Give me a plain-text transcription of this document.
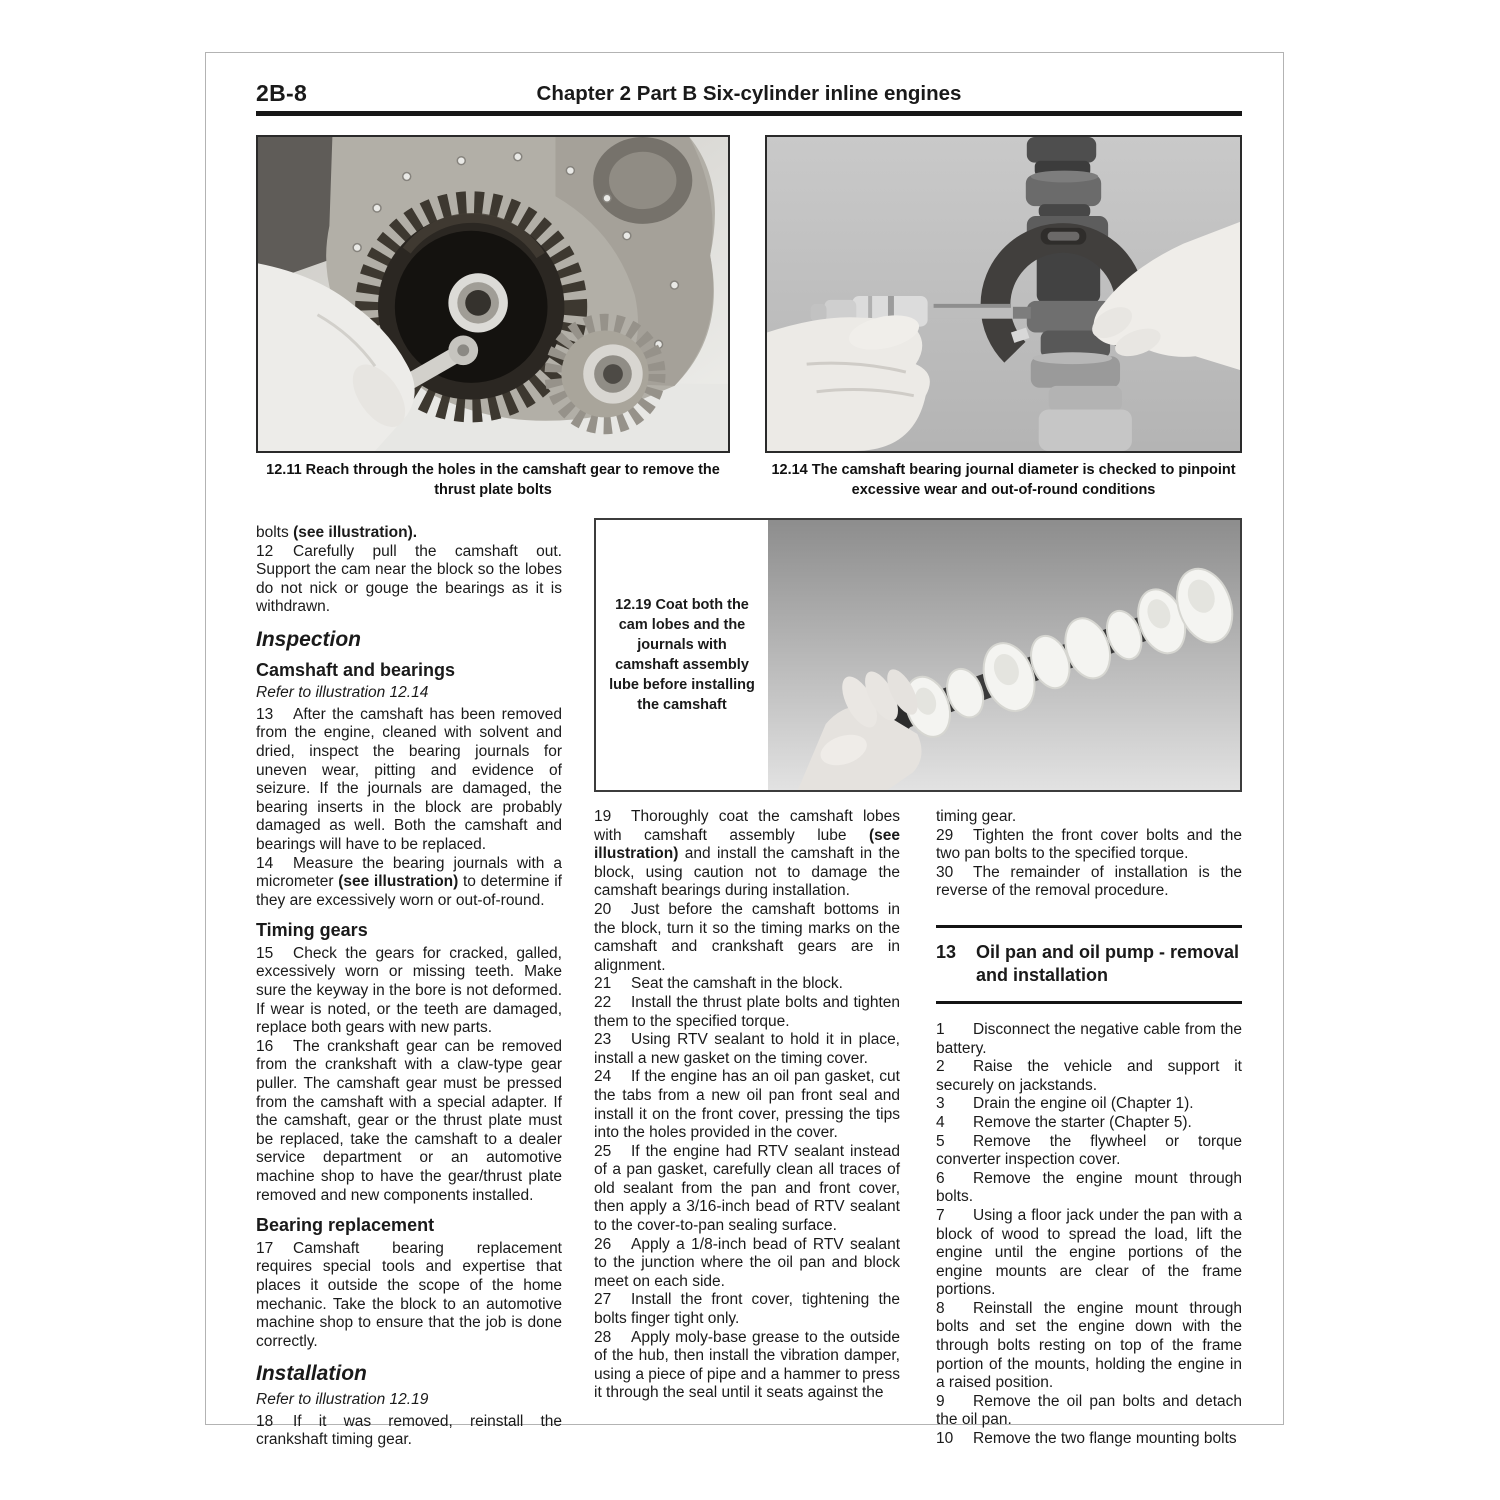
2B-8	Chapter 2 Part B Six-cylinder inline engines
12.11 Reach through the holes in the camshaft gear to remove the thrust plate bolts
12.14 The camshaft bearing journal diameter is checked to pinpoint excessive wear and out-of-round conditions
12.19 Coat both the cam lobes and the journals with camshaft assembly lube before installing the camshaft

bolts (see illustration).

12 Carefully pull the camshaft out. Support the cam near the block so the lobes do not nick or gouge the bearings as it is withdrawn.

Inspection
Camshaft and bearings
Refer to illustration 12.14

13 After the camshaft has been removed from the engine, cleaned with solvent and dried, inspect the bearing journals for uneven wear, pitting and evidence of seizure. If the journals are damaged, the bearing inserts in the block are probably damaged as well. Both the camshaft and bearings will have to be replaced.

14 Measure the bearing journals with a micrometer (see illustration) to determine if they are excessively worn or out-of-round.

Timing gears

15 Check the gears for cracked, galled, excessively worn or missing teeth. Make sure the keyway in the bore is not deformed. If wear is noted, or the teeth are damaged, replace both gears with new parts.

16 The crankshaft gear can be removed from the crankshaft with a claw-type gear puller. The camshaft gear must be pressed from the camshaft with a special adapter. If the camshaft, gear or the thrust plate must be replaced, take the camshaft to a dealer service department or an automotive machine shop to have the gear/thrust plate removed and new components installed.

Bearing replacement

17 Camshaft bearing replacement requires special tools and expertise that places it outside the scope of the home mechanic. Take the block to an automotive machine shop to ensure that the job is done correctly.

Installation
Refer to illustration 12.19

18 If it was removed, reinstall the crankshaft timing gear.

19 Thoroughly coat the camshaft lobes with camshaft assembly lube (see illustration) and install the camshaft in the block, using caution not to damage the camshaft bearings during installation.

20 Just before the camshaft bottoms in the block, turn it so the timing marks on the camshaft and crankshaft gears are in alignment.

21 Seat the camshaft in the block.

22 Install the thrust plate bolts and tighten them to the specified torque.

23 Using RTV sealant to hold it in place, install a new gasket on the timing cover.

24 If the engine has an oil pan gasket, cut the tabs from a new oil pan front seal and install it on the front cover, pressing the tips into the holes provided in the cover.

25 If the engine had RTV sealant instead of a pan gasket, carefully clean all traces of old sealant from the pan and front cover, then apply a 3/16-inch bead of RTV sealant to the cover-to-pan sealing surface.

26 Apply a 1/8-inch bead of RTV sealant to the junction where the oil pan and block meet on each side.

27 Install the front cover, tightening the bolts finger tight only.

28 Apply moly-base grease to the outside of the hub, then install the vibration damper, using a piece of pipe and a hammer to press it through the seal until it seats against the

timing gear.

29 Tighten the front cover bolts and the two pan bolts to the specified torque.

30 The remainder of installation is the reverse of the removal procedure.

13	Oil pan and oil pump - removal and installation

1 Disconnect the negative cable from the battery.

2 Raise the vehicle and support it securely on jackstands.

3 Drain the engine oil (Chapter 1).

4 Remove the starter (Chapter 5).

5 Remove the flywheel or torque converter inspection cover.

6 Remove the engine mount through bolts.

7 Using a floor jack under the pan with a block of wood to spread the load, lift the engine until the engine portions of the engine mounts are clear of the frame portions.

8 Reinstall the engine mount through bolts and set the engine down with the through bolts resting on top of the frame portion of the mounts, holding the engine in a raised position.

9 Remove the oil pan bolts and detach the oil pan.

10 Remove the two flange mounting bolts
